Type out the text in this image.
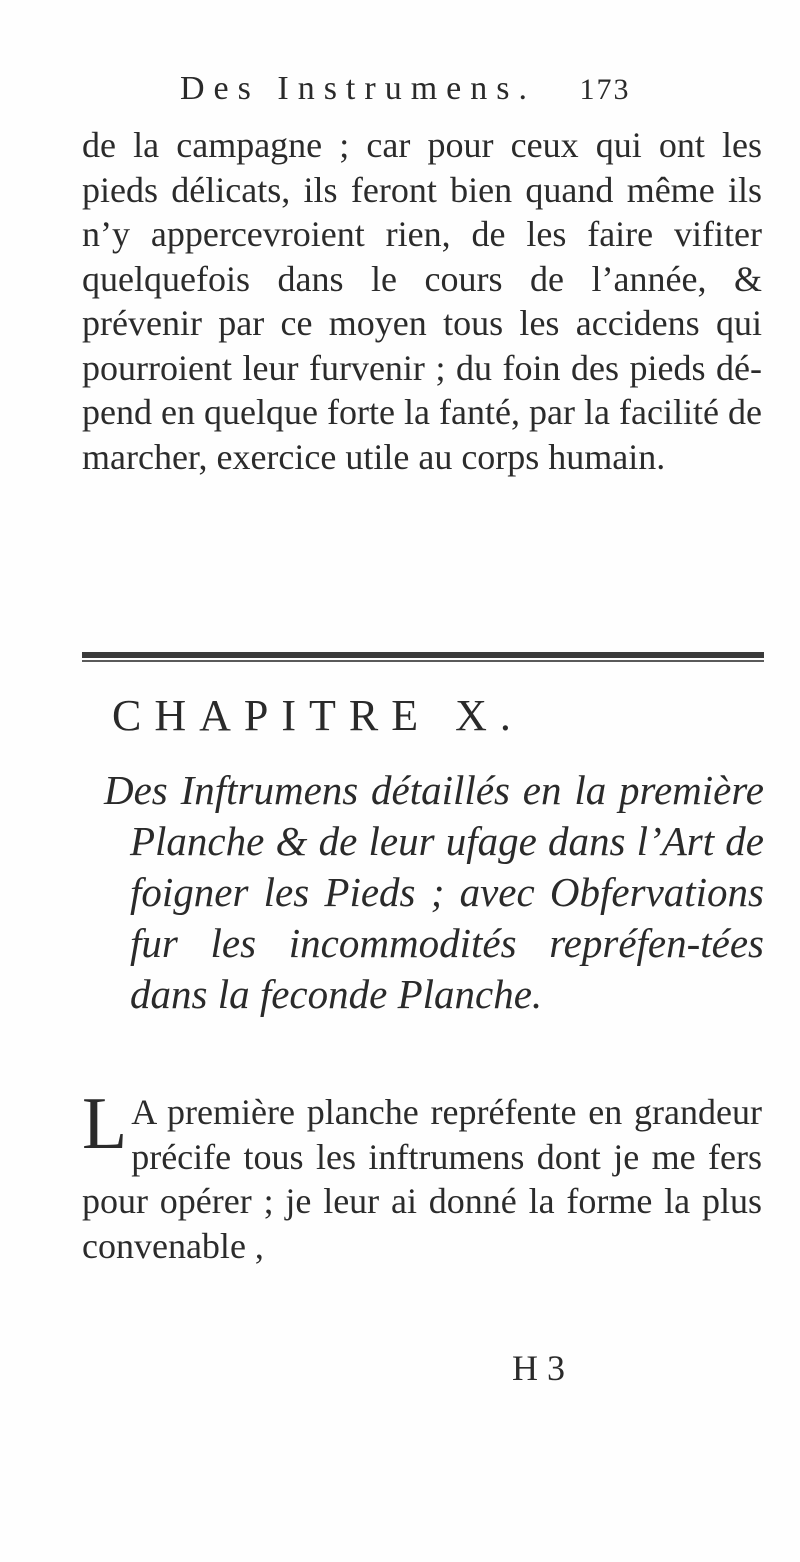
Des Instrumens. 173

de la campagne ; car pour ceux qui ont les pieds délicats, ils feront bien quand même ils n’y appercevroient rien, de les faire vifiter quelquefois dans le cours de l’année, & prévenir par ce moyen tous les accidens qui pourroient leur furvenir ; du foin des pieds dé-pend en quelque forte la fanté, par la facilité de marcher, exercice utile au corps humain.

CHAPITRE X.

Des Inftrumens détaillés en la première Planche & de leur ufage dans l’Art de foigner les Pieds ; avec Obfervations fur les incommodités repréfen-tées dans la feconde Planche.

L A première planche repréfente en grandeur précife tous les inftrumens dont je me fers pour opérer ; je leur ai donné la forme la plus convenable ,

H 3
